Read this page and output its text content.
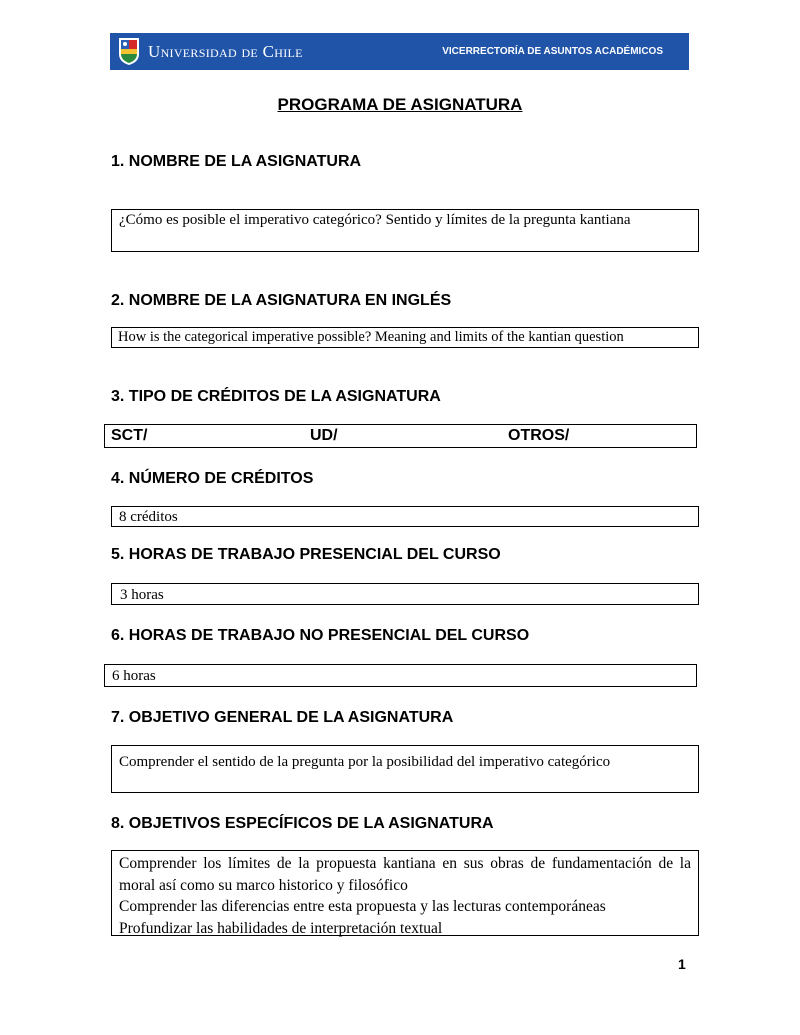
Universidad de Chile	VICERRECTORÍA DE ASUNTOS ACADÉMICOS
PROGRAMA DE ASIGNATURA
1. NOMBRE DE LA ASIGNATURA
¿Cómo es posible el imperativo categórico? Sentido y límites de la pregunta kantiana
2. NOMBRE DE LA ASIGNATURA EN INGLÉS
How is the categorical imperative possible? Meaning and limits of the kantian question
3. TIPO DE CRÉDITOS DE LA ASIGNATURA
SCT/	UD/	OTROS/
4. NÚMERO DE CRÉDITOS
8 créditos
5. HORAS DE TRABAJO PRESENCIAL DEL CURSO
3 horas
6. HORAS DE TRABAJO NO PRESENCIAL DEL CURSO
6 horas
7. OBJETIVO GENERAL DE LA ASIGNATURA
Comprender el sentido de la pregunta por la posibilidad del imperativo categórico
8. OBJETIVOS ESPECÍFICOS DE LA ASIGNATURA
Comprender los límites de la propuesta kantiana en sus obras de fundamentación de la moral así como su marco historico y filosófico
Comprender las diferencias entre esta propuesta y las lecturas contemporáneas
Profundizar las habilidades de interpretación textual
1
